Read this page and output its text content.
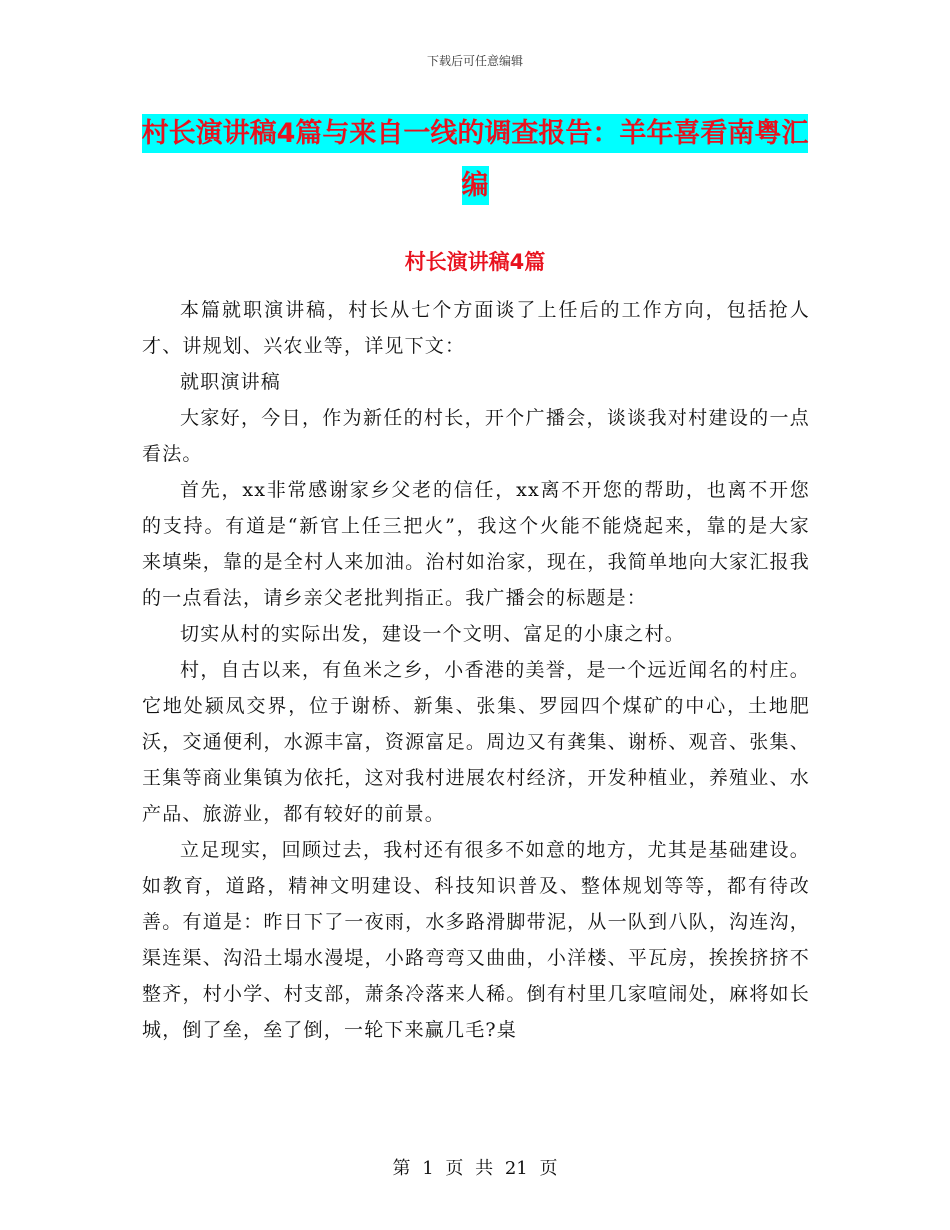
下载后可任意编辑
村长演讲稿4篇与来自一线的调查报告：羊年喜看南粤汇编
村长演讲稿4篇

本篇就职演讲稿，村长从七个方面谈了上任后的工作方向，包括抢人才、讲规划、兴农业等，详见下文：

就职演讲稿

大家好，今日，作为新任的村长，开个广播会，谈谈我对村建设的一点看法。

首先，xx非常感谢家乡父老的信任，xx离不开您的帮助，也离不开您的支持。有道是“新官上任三把火”，我这个火能不能烧起来，靠的是大家来填柴，靠的是全村人来加油。治村如治家，现在，我简单地向大家汇报我的一点看法，请乡亲父老批判指正。我广播会的标题是：

切实从村的实际出发，建设一个文明、富足的小康之村。

村，自古以来，有鱼米之乡，小香港的美誉，是一个远近闻名的村庄。它地处颍凤交界，位于谢桥、新集、张集、罗园四个煤矿的中心，土地肥沃，交通便利，水源丰富，资源富足。周边又有龚集、谢桥、观音、张集、王集等商业集镇为依托，这对我村进展农村经济，开发种植业，养殖业、水产品、旅游业，都有较好的前景。

立足现实，回顾过去，我村还有很多不如意的地方，尤其是基础建设。如教育，道路，精神文明建设、科技知识普及、整体规划等等，都有待改善。有道是：昨日下了一夜雨，水多路滑脚带泥，从一队到八队，沟连沟，渠连渠、沟沿土塌水漫堤，小路弯弯又曲曲，小洋楼、平瓦房，挨挨挤挤不整齐，村小学、村支部，萧条冷落来人稀。倒有村里几家喧闹处，麻将如长城，倒了垒，垒了倒，一轮下来赢几毛?桌

第 1 页 共 21 页
